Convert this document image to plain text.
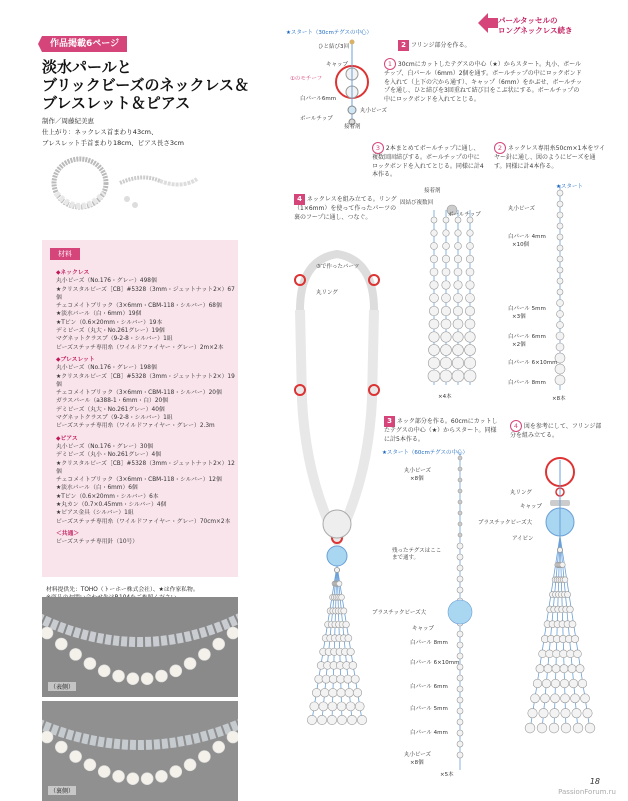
作品掲載6ページ
淡水パールと
ブリックビーズのネックレス＆
ブレスレット＆ピアス
制作／周藤紀美恵
仕上がり：ネックレス首まわり43cm、
ブレスレット手首まわり18cm、ピアス長さ3cm
材料
◆ネックレス
丸小ビーズ（No.176・グレー）498個
★クリスタルビーズ［CB］#5328（3mm・ジェットナット2×）67個
チェコメイトブリック（3×6mm・CBM-118・シルバー）68個
★淡水パール（白・6mm）19個
★Tピン（0.6×20mm・シルバー）19本
デミビーズ（丸大・No.261グレー）19個
マグネットクラスプ（9-2-8・シルバー）1組
ビーズステッチ専用糸（ワイルドファイヤー・グレー）2m×2本
◆ブレスレット
丸小ビーズ（No.176・グレー）198個
★クリスタルビーズ［CB］#5328（3mm・ジェットナット2×）19個
チェコメイトブリック（3×6mm・CBM-118・シルバー）20個
ガラスパール（a388-1・6mm・白）20個
デミビーズ（丸大・No.261グレー）40個
マグネットクラスプ（9-2-8・シルバー）1組
ビーズステッチ専用糸（ワイルドファイヤー・グレー）2.3m
◆ピアス
丸小ビーズ（No.176・グレー）30個
デミビーズ（丸小・No.261グレー）4個
★クリスタルビーズ［CB］#5328（3mm・ジェットナット2×）12個
チェコメイトブリック（3×6mm・CBM-118・シルバー）12個
★淡水パール（白・6mm）6個
★Tピン（0.6×20mm・シルバー）6本
★丸カン（0.7×0.45mm・シルバー）4個
★ピアス金具（シルバー）1組
ビーズステッチ専用糸（ワイルドファイヤー・グレー）70cm×2本
＜共通＞
ビーズステッチ専用針（10号）
材料提供先：TOHO（トーホー株式会社）、★は作家私物。
（表側）
（裏側）
パールタッセルの
ロングネックレス続き
2 フリンジ部分を作る。
1 30cmにカットしたテグスの中心（★）からスタート。丸小、ボールチップ、白パール（6mm）2個を通す。ボールチップの中にロックボンドを入れて（上下の穴から通す）、キャップ（6mm）をかぶせ、ボールチップを通し、ひと結びを3回重ねて結び目をこぶ状にする。ボールチップの中にロックボンドを入れてとじる。
★スタート（30cmテグスの中心）
ひと結び3回
キャップ
①のモチーフ
白パール6mm
丸小ビーズ
ボールチップ
接着剤
3 2本まとめてボールチップに通し、複数回固結びする。ボールチップの中にロックボンドを入れてとじる。同様に計4本作る。
2 ネックレス専用糸50cm×1本をワイヤー針に通し、図のようにビーズを通す。同様に計4本作る。
接着剤
固結び複数回
ボールチップ
×4本
★スタート
丸小ビーズ
白パール 4mm
×10個
白パール 5mm
×3個
白パール 6mm
×2個
白パール 6×10mm
白パール 8mm
×8本
4 ネックレスを組み立てる。リング（1×6mm）を使って作ったパーツの裏のフープに通し、つなぐ。
③で作ったパーツ
丸リング
3 ネック部分を作る。60cmにカットしたテグスの中心（★）からスタート。同様に計5本作る。
★スタート（60cmテグスの中心）
丸小ビーズ
×8個
残ったテグスはここまで通す。
プラスチックビーズ大
キャップ
白パール 8mm
白パール 6×10mm
白パール 6mm
白パール 5mm
白パール 4mm
丸小ビーズ
×8個
×5本
4 図を参考にして、フリンジ部分を組み立てる。
丸リング
キャップ
プラスチックビーズ大
アイピン
18
PassionForum.ru
